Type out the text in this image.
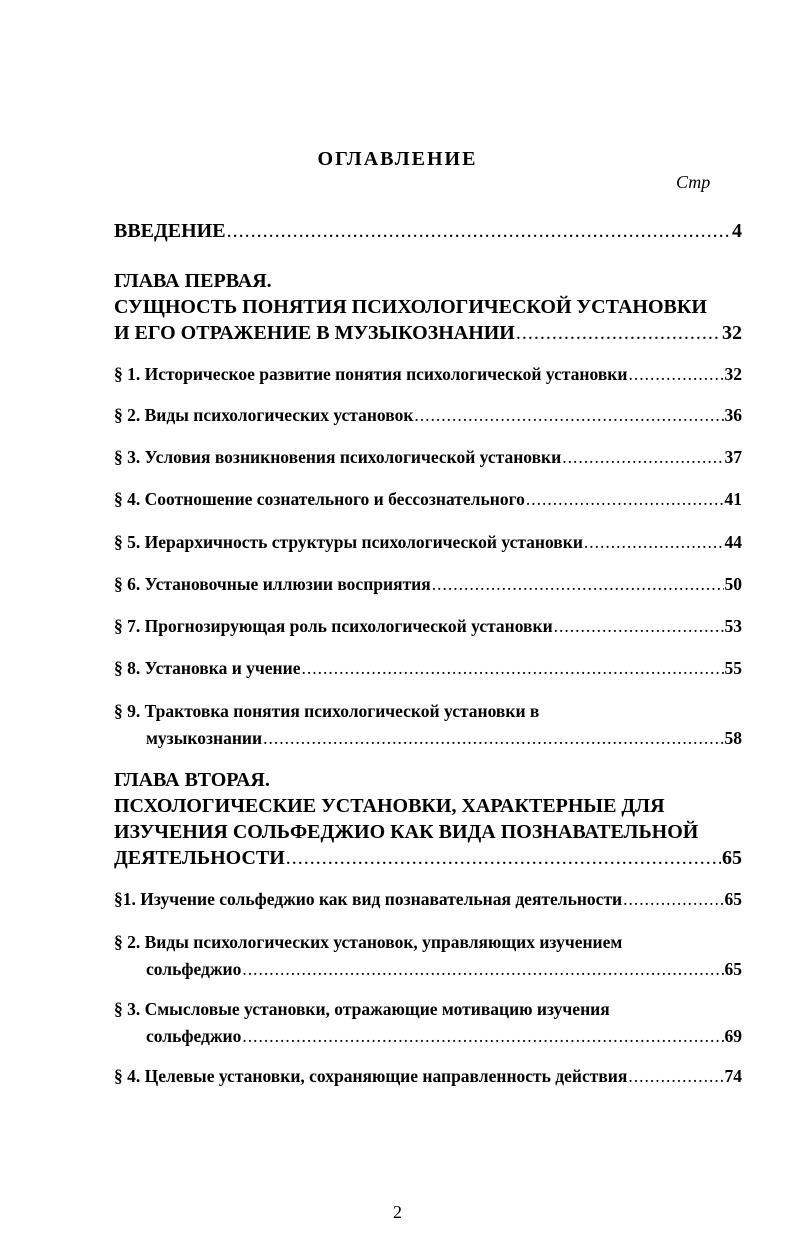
ОГЛАВЛЕНИЕ
Стр
ВВЕДЕНИЕ .....	4
ГЛАВА ПЕРВАЯ.
СУЩНОСТЬ ПОНЯТИЯ ПСИХОЛОГИЧЕСКОЙ УСТАНОВКИ
И ЕГО ОТРАЖЕНИЕ В МУЗЫКОЗНАНИИ .....	32
§ 1. Историческое развитие понятия психологической установки .....	32
§ 2. Виды психологических установок .....	36
§ 3. Условия возникновения психологической установки .....	37
§ 4. Соотношение сознательного и бессознательного .....	41
§ 5. Иерархичность структуры психологической установки .....	44
§ 6. Установочные иллюзии восприятия .....	50
§ 7. Прогнозирующая роль психологической установки .....	53
§ 8. Установка и учение .....	55
§ 9. Трактовка понятия психологической установки в
музыкознании .....	58
ГЛАВА ВТОРАЯ.
ПСХОЛОГИЧЕСКИЕ УСТАНОВКИ, ХАРАКТЕРНЫЕ ДЛЯ
ИЗУЧЕНИЯ СОЛЬФЕДЖИО КАК ВИДА ПОЗНАВАТЕЛЬНОЙ
ДЕЯТЕЛЬНОСТИ .....	65
§1. Изучение сольфеджио как вид познавательная деятельности .....	65
§ 2. Виды психологических установок, управляющих изучением
сольфеджио .....	65
§ 3. Смысловые установки, отражающие мотивацию изучения
сольфеджио .....	69
§ 4. Целевые установки, сохраняющие направленность действия .....	74
2
